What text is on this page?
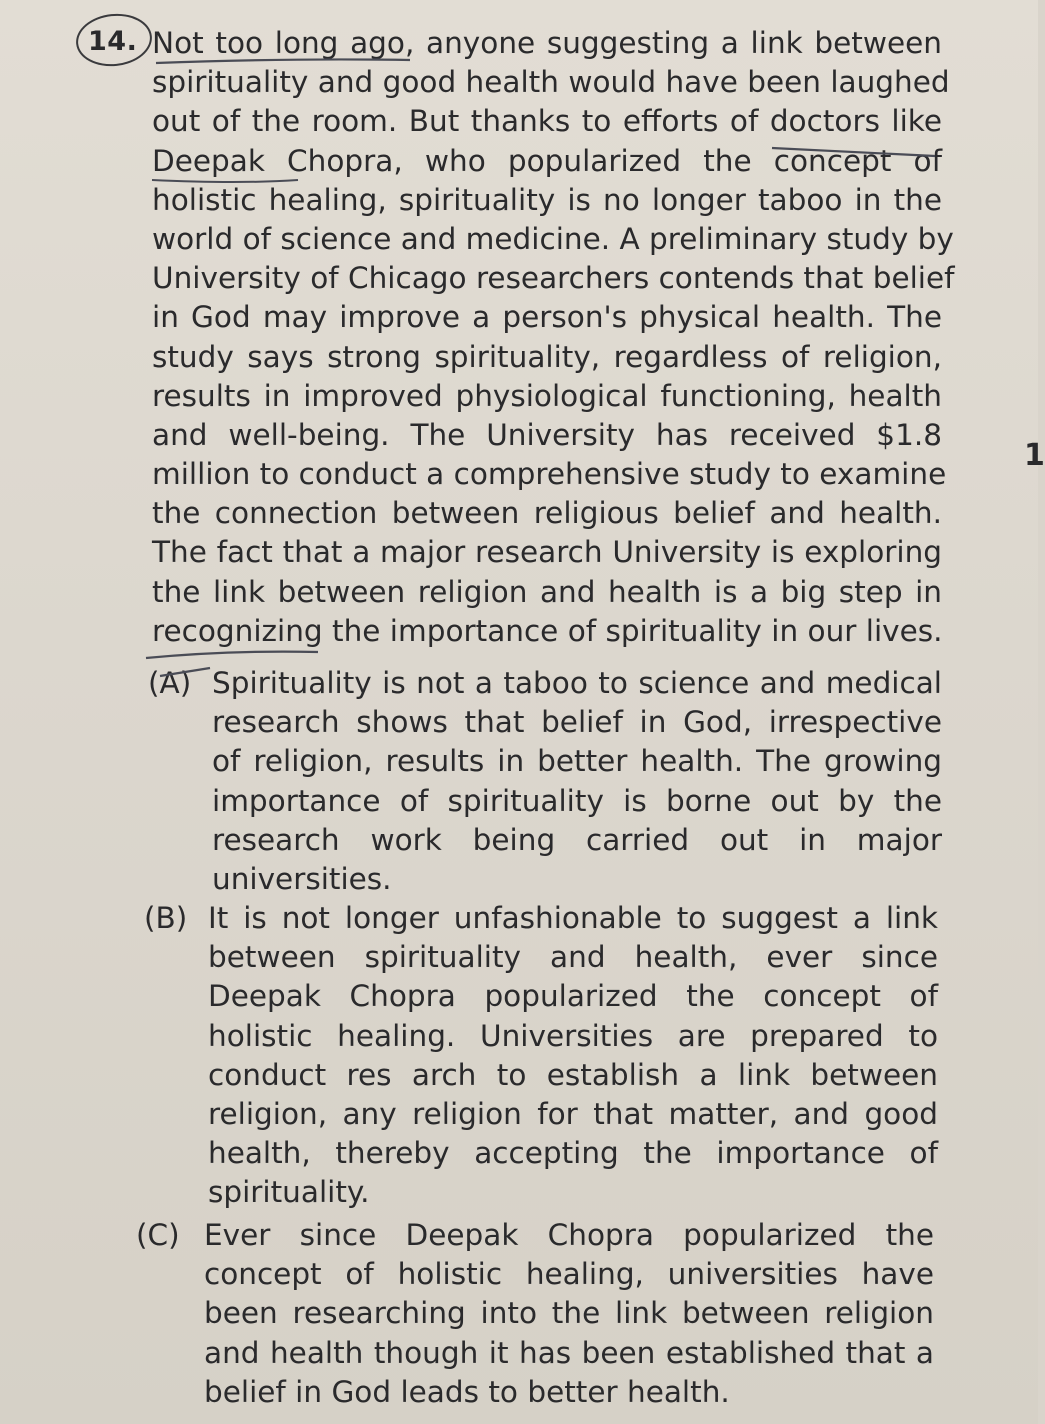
14. Not too long ago, anyone suggesting a link between
spirituality and good health would have been laughed
out of the room. But thanks to efforts of doctors like
Deepak Chopra, who popularized the concept of
holistic healing, spirituality is no longer taboo in the
world of science and medicine. A preliminary study by
University of Chicago researchers contends that belief
in God may improve a person's physical health. The
study says strong spirituality, regardless of religion,
results in improved physiological functioning, health
and well-being. The University has received $1.8
million to conduct a comprehensive study to examine
the connection between religious belief and health.
The fact that a major research University is exploring
the link between religion and health is a big step in
recognizing the importance of spirituality in our lives.
(A) Spirituality is not a taboo to science and medical
research shows that belief in God, irrespective
of religion, results in better health. The growing
importance of spirituality is borne out by the
research work being carried out in major
universities.
(B) It is not longer unfashionable to suggest a link
between spirituality and health, ever since
Deepak Chopra popularized the concept of
holistic healing. Universities are prepared to
conduct res arch to establish a link between
religion, any religion for that matter, and good
health, thereby accepting the importance of
spirituality.
(C) Ever since Deepak Chopra popularized the
concept of holistic healing, universities have
been researching into the link between religion
and health though it has been established that a
belief in God leads to better health.
1
